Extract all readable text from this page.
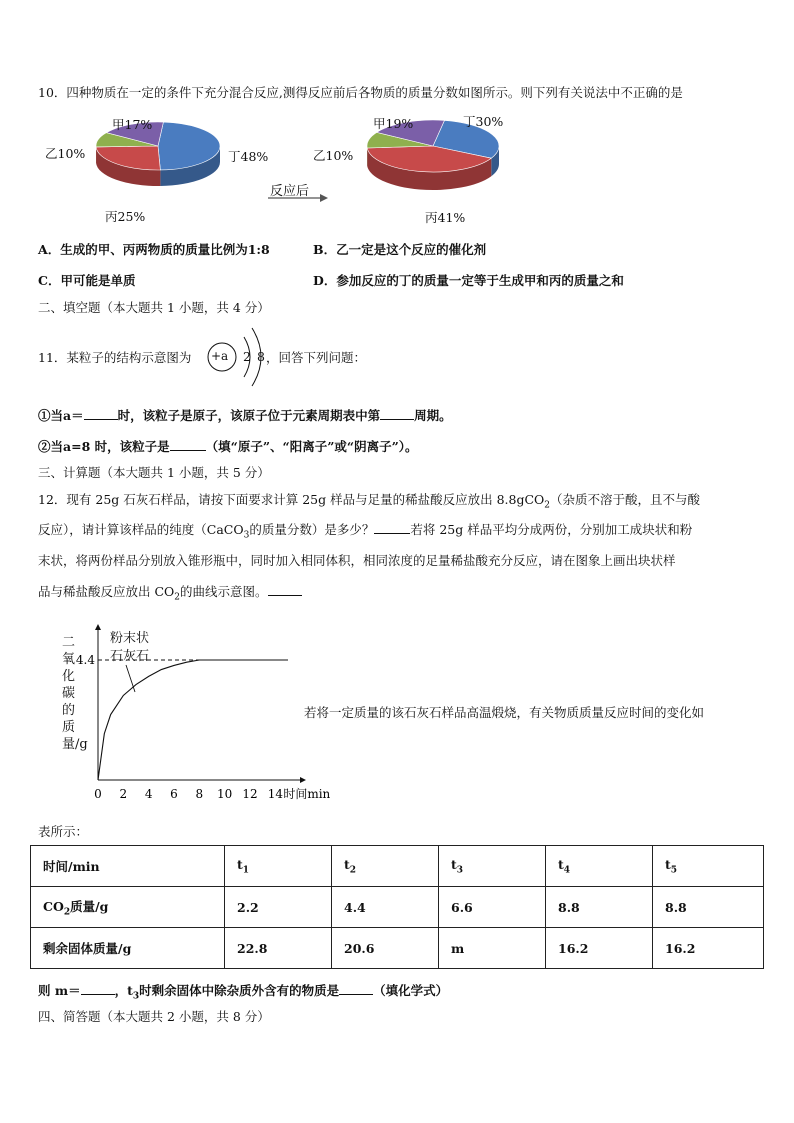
10．四种物质在一定的条件下充分混合反应,测得反应前后各物质的质量分数如图所示。则下列有关说法中不正确的是
甲17%
乙10%	丁48%
丙25%
反应后
甲19%	丁30%
乙10%
丙41%
A．生成的甲、丙两物质的质量比例为1:8	B．乙一定是这个反应的催化剂
C．甲可能是单质	D．参加反应的丁的质量一定等于生成甲和丙的质量之和
二、填空题（本大题共 1 小题，共 4 分）
11．某粒子的结构示意图为 +a 2 8 ，回答下列问题：
①当a＝	时，该粒子是原子，该原子位于元素周期表中第	周期。
②当a=8 时，该粒子是	（填“原子”、“阳离子”或“阴离子”）。
三、计算题（本大题共 1 小题，共 5 分）
12．现有 25g 石灰石样品，请按下面要求计算 25g 样品与足量的稀盐酸反应放出 8.8gCO$_2$（杂质不溶于酸，且不与酸
反应），请计算该样品的纯度（CaCO$_3$的质量分数）是多少？	若将 25g 样品平均分成两份，分别加工成块状和粉
末状，将两份样品分别放入锥形瓶中，同时加入相同体积，相同浓度的足量稀盐酸充分反应，请在图象上画出块状样
品与稀盐酸反应放出 $CO_2$的曲线示意图。
0 2 4 6 8 10 12 14 时间min
4.4
二氧化碳的质量/g
粉末状
石灰石
若将一定质量的该石灰石样品高温煅烧，有关物质质量反应时间的变化如
表所示：
时间/min	$t_1$	$t_2$	$t_3$	$t_4$	$t_5$
$CO_2$质量/g	2.2	4.4	6.6	8.8	8.8
剩余固体质量/g	22.8	20.6	m	16.2	16.2
则 m＝	，$t_3$时剩余固体中除杂质外含有的物质是	（填化学式）
四、简答题（本大题共 2 小题，共 8 分）
